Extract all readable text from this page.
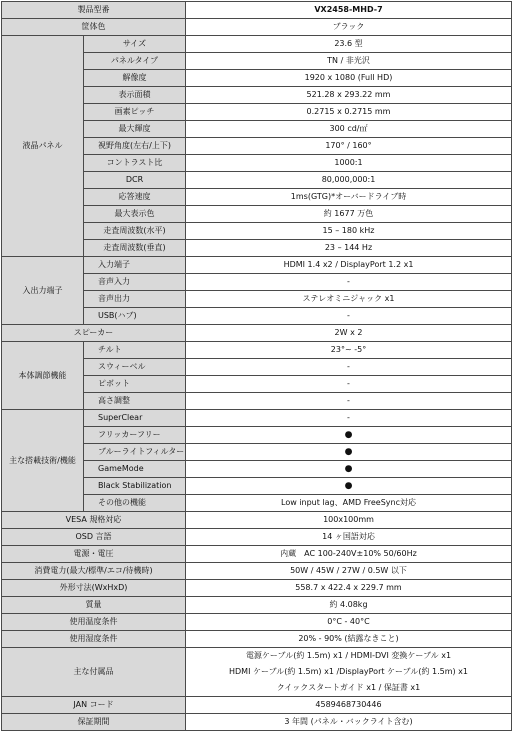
製品型番		VX2458-MHD-7
筐体色		ブラック
液晶パネル	サイズ	23.6 型
	パネルタイプ	TN / 非光沢
	解像度	1920 x 1080 (Full HD)
	表示面積	521.28 x 293.22 mm
	画素ピッチ	0.2715 x 0.2715 mm
	最大輝度	300 cd/㎡
	視野角度(左右/上下)	170° / 160°
	コントラスト比	1000:1
	DCR	80,000,000:1
	応答速度	1ms(GTG)*オーバードライブ時
	最大表示色	約 1677 万色
	走査周波数(水平)	15 – 180 kHz
	走査周波数(垂直)	23 – 144 Hz
入出力端子	入力端子	HDMI 1.4 x2 / DisplayPort 1.2 x1
	音声入力	-
	音声出力	ステレオミニジャック x1
	USB(ハブ)	-
スピーカー		2W x 2
本体調節機能	チルト	23°~ -5°
	スウィーベル	-
	ピボット	-
	高さ調整	-
主な搭載技術/機能	SuperClear	-
	フリッカーフリー	●
	ブルーライトフィルター	●
	GameMode	●
	Black Stabilization	●
	その他の機能	Low input lag、AMD FreeSync対応
VESA 規格対応		100x100mm
OSD 言語		14 ヶ国語対応
電源・電圧		内蔵　AC 100-240V±10% 50/60Hz
消費電力(最大/標準/エコ/待機時)		50W / 45W / 27W / 0.5W 以下
外形寸法(WxHxD)		558.7 x 422.4 x 229.7 mm
質量		約 4.08kg
使用温度条件		0°C - 40°C
使用湿度条件		20% - 90% (結露なきこと)
主な付属品		電源ケーブル(約 1.5m) x1 / HDMI-DVI 変換ケーブル x1
		HDMI ケーブル(約 1.5m) x1 /DisplayPort ケーブル(約 1.5m) x1
		クイックスタートガイド x1 / 保証書 x1
JAN コード		4589468730446
保証期間		3 年間 (パネル・バックライト含む)
